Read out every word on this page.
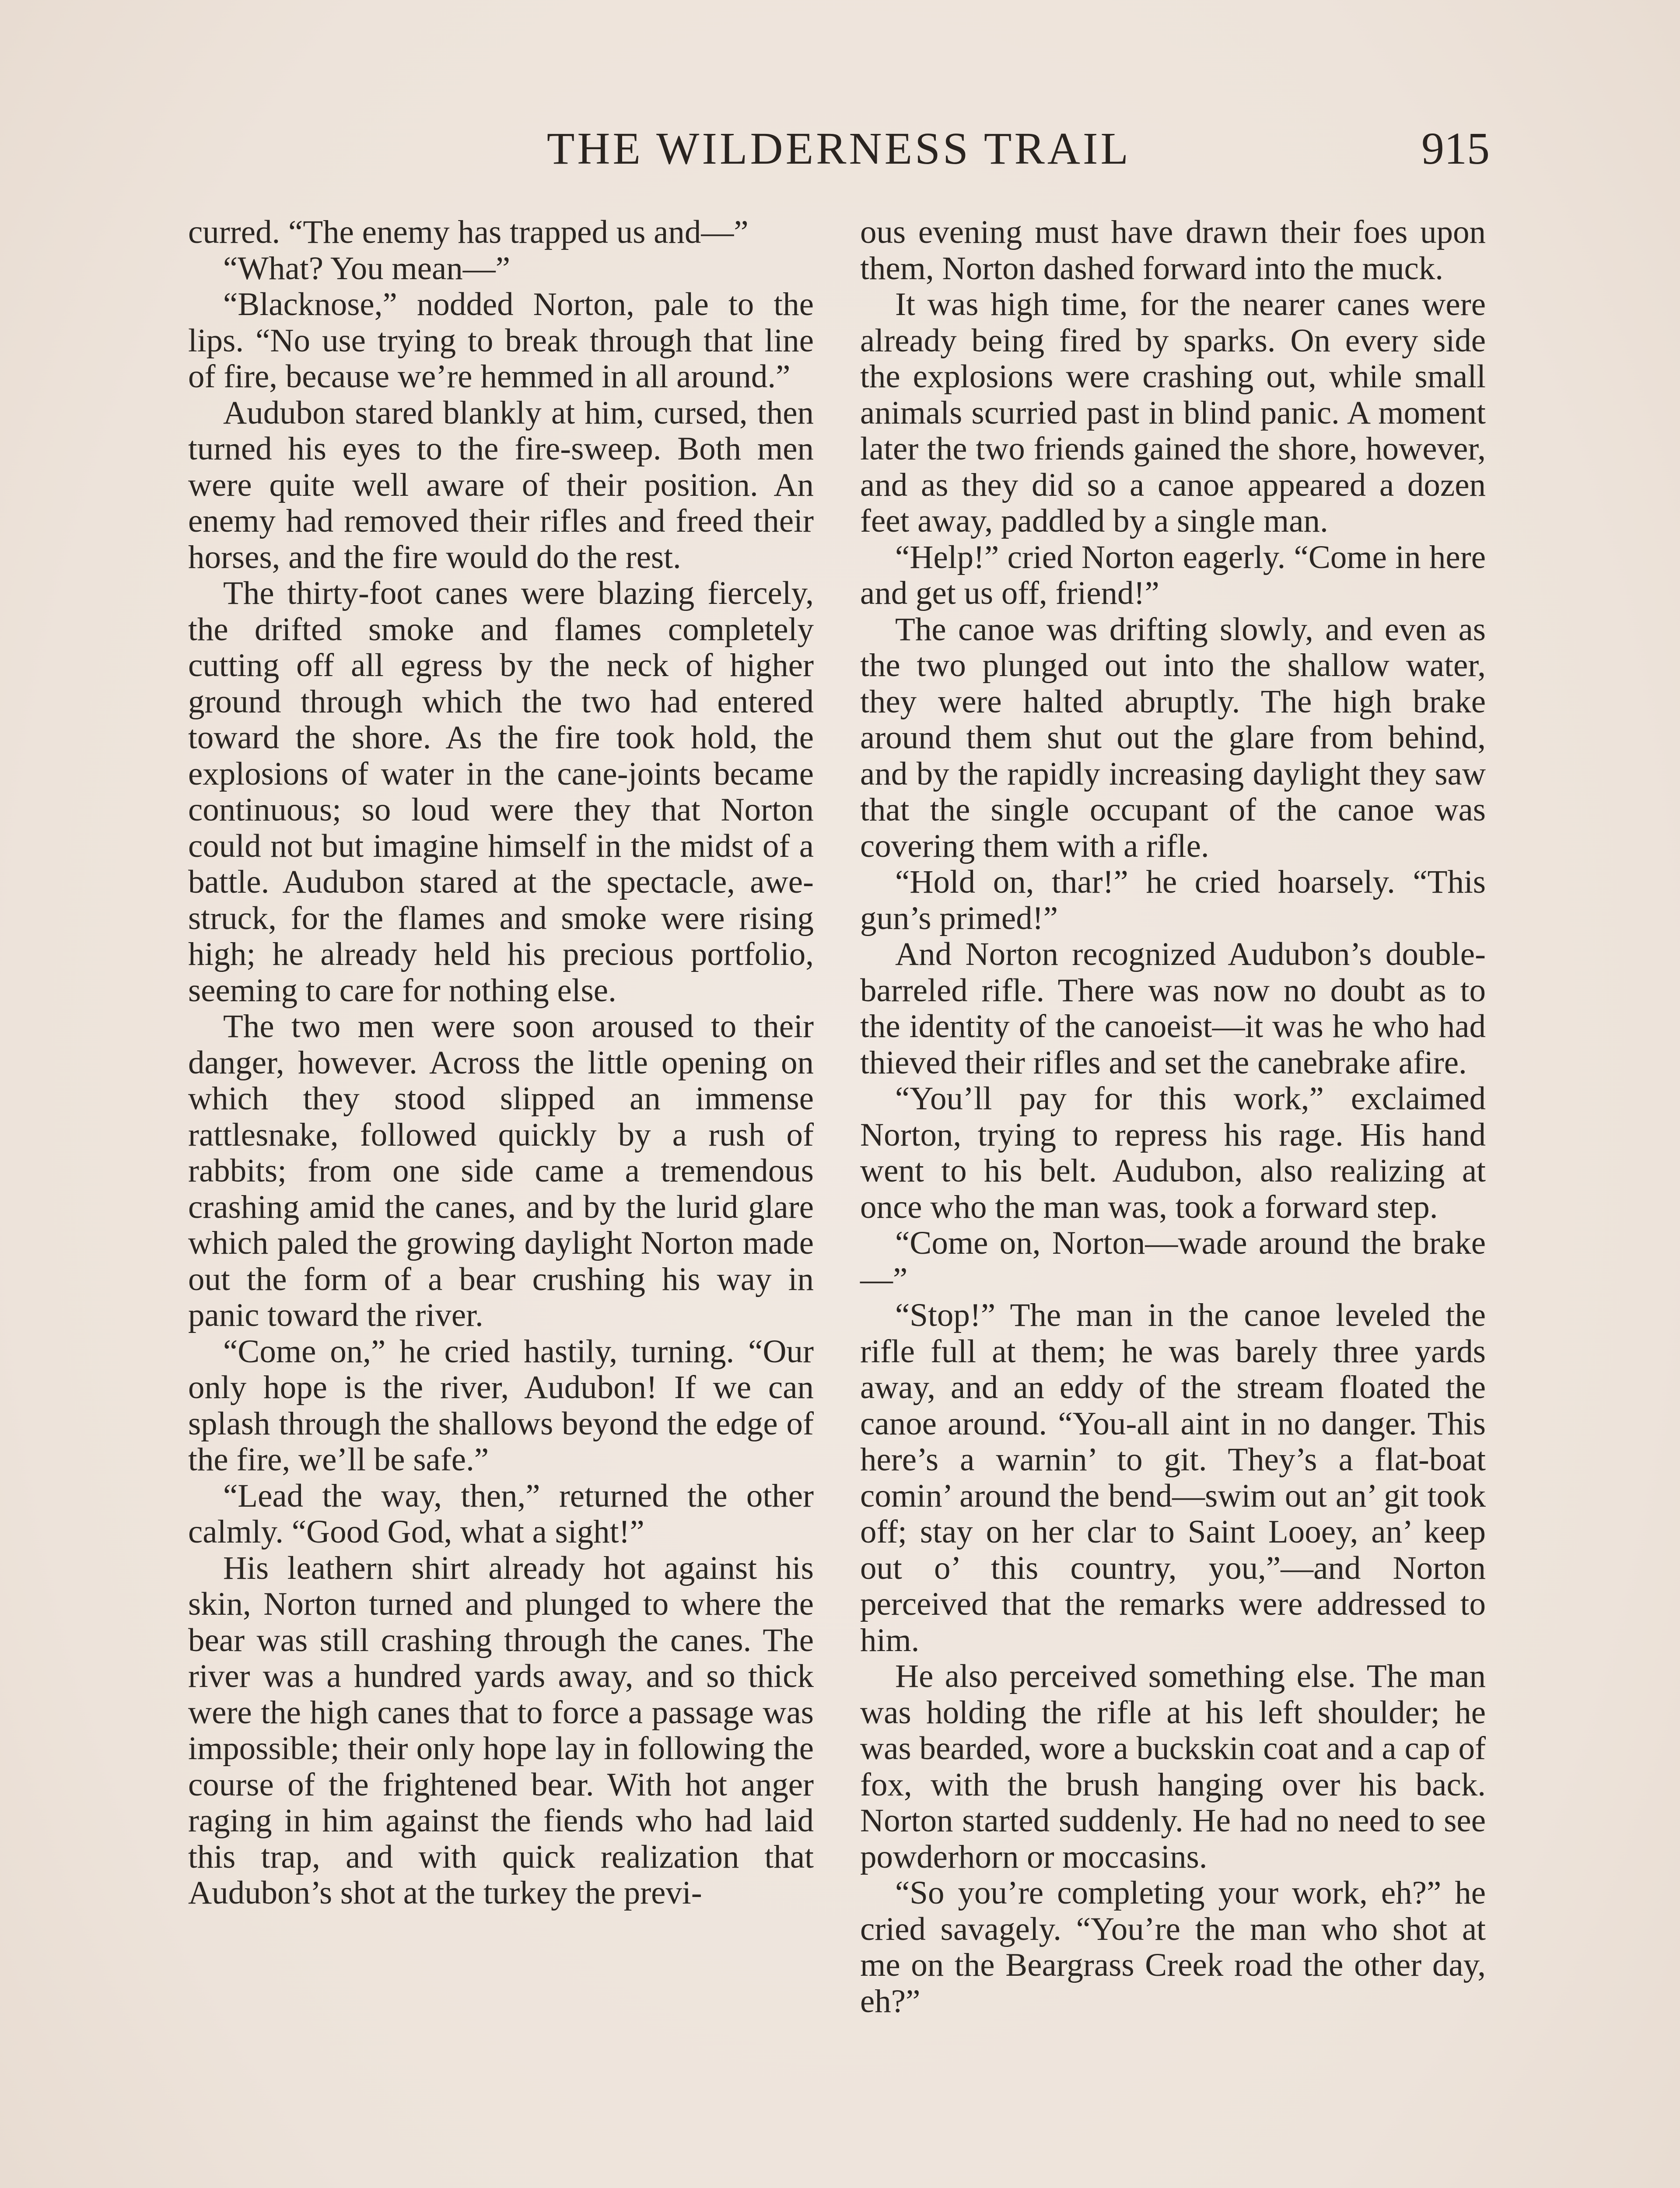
THE WILDERNESS TRAIL	915

curred. “The enemy has trapped us and—”

“What? You mean—”

“Blacknose,” nodded Norton, pale to the lips. “No use trying to break through that line of fire, because we’re hemmed in all around.”

Audubon stared blankly at him, cursed, then turned his eyes to the fire-sweep. Both men were quite well aware of their position. An enemy had removed their rifles and freed their horses, and the fire would do the rest.

The thirty-foot canes were blazing fiercely, the drifted smoke and flames completely cutting off all egress by the neck of higher ground through which the two had entered toward the shore. As the fire took hold, the explosions of water in the cane-joints became continuous; so loud were they that Norton could not but imagine himself in the midst of a battle. Audubon stared at the spectacle, awe-struck, for the flames and smoke were rising high; he already held his precious portfolio, seeming to care for nothing else.

The two men were soon aroused to their danger, however. Across the little opening on which they stood slipped an immense rattlesnake, followed quickly by a rush of rabbits; from one side came a tremendous crashing amid the canes, and by the lurid glare which paled the growing daylight Norton made out the form of a bear crushing his way in panic toward the river.

“Come on,” he cried hastily, turning. “Our only hope is the river, Audubon! If we can splash through the shallows beyond the edge of the fire, we’ll be safe.”

“Lead the way, then,” returned the other calmly. “Good God, what a sight!”

His leathern shirt already hot against his skin, Norton turned and plunged to where the bear was still crashing through the canes. The river was a hundred yards away, and so thick were the high canes that to force a passage was impossible; their only hope lay in following the course of the frightened bear. With hot anger raging in him against the fiends who had laid this trap, and with quick realization that Audubon’s shot at the turkey the previ-

ous evening must have drawn their foes upon them, Norton dashed forward into the muck.

It was high time, for the nearer canes were already being fired by sparks. On every side the explosions were crashing out, while small animals scurried past in blind panic. A moment later the two friends gained the shore, however, and as they did so a canoe appeared a dozen feet away, paddled by a single man.

“Help!” cried Norton eagerly. “Come in here and get us off, friend!”

The canoe was drifting slowly, and even as the two plunged out into the shallow water, they were halted abruptly. The high brake around them shut out the glare from behind, and by the rapidly increasing daylight they saw that the single occupant of the canoe was covering them with a rifle.

“Hold on, thar!” he cried hoarsely. “This gun’s primed!”

And Norton recognized Audubon’s double-barreled rifle. There was now no doubt as to the identity of the canoeist—it was he who had thieved their rifles and set the canebrake afire.

“You’ll pay for this work,” exclaimed Norton, trying to repress his rage. His hand went to his belt. Audubon, also realizing at once who the man was, took a forward step.

“Come on, Norton—wade around the brake—”

“Stop!” The man in the canoe leveled the rifle full at them; he was barely three yards away, and an eddy of the stream floated the canoe around. “You-all aint in no danger. This here’s a warnin’ to git. They’s a flat-boat comin’ around the bend—swim out an’ git took off; stay on her clar to Saint Looey, an’ keep out o’ this country, you,”—and Norton perceived that the remarks were addressed to him.

He also perceived something else. The man was holding the rifle at his left shoulder; he was bearded, wore a buckskin coat and a cap of fox, with the brush hanging over his back. Norton started suddenly. He had no need to see powderhorn or moccasins.

“So you’re completing your work, eh?” he cried savagely. “You’re the man who shot at me on the Beargrass Creek road the other day, eh?”
